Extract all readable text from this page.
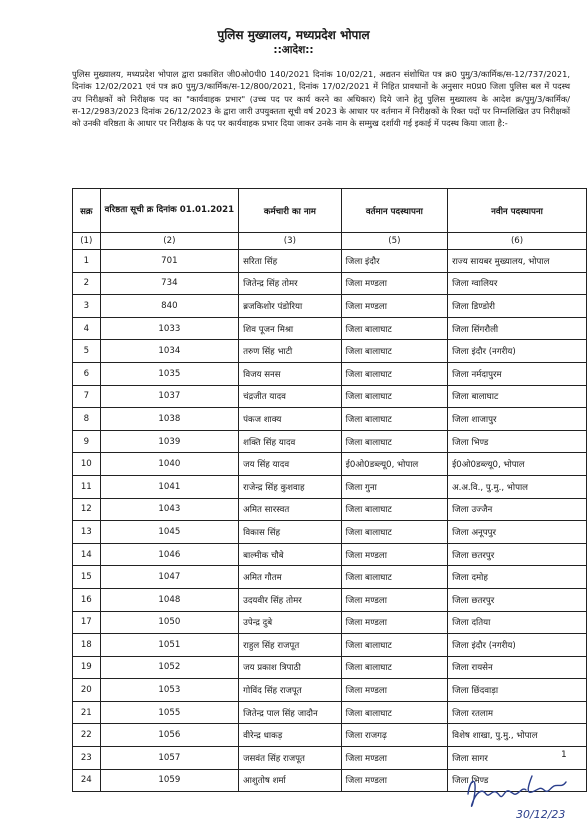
पुलिस मुख्यालय, मध्यप्रदेश भोपाल
::आदेश::
पुलिस मुख्यालय, मध्यप्रदेश भोपाल द्वारा प्रकाशित जी0ओ0पी0 140/2021 दिनांक 10/02/21, अद्यतन संशोधित पत्र क्र0 पुमु/3/कार्मिक/स-12/737/2021, दिनांक 12/02/2021 एवं पत्र क्र0 पुमु/3/कार्मिक/स-12/800/2021, दिनांक 17/02/2021 में निहित प्रावधानों के अनुसार म0प्र0 जिला पुलिस बल में पदस्थ उप निरीक्षकों को निरीक्षक पद का "कार्यवाहक प्रभार" (उच्च पद पर कार्य करने का अधिकार) दिये जाने हेतु पुलिस मुख्यालय के आदेश क्र/पुमु/3/कार्मिक/स-12/2983/2023 दिनांक 26/12/2023 के द्वारा जारी उपयुक्तता सूची वर्ष 2023 के आधार पर वर्तमान में निरीक्षकों के रिक्त पदों पर निम्नलिखित उप निरीक्षकों को उनकी वरिष्ठता के आधार पर निरीक्षक के पद पर कार्यवाहक प्रभार दिया जाकर उनके नाम के सम्मुख दर्शायी गई इकाई में पदस्थ किया जाता है:-
सक्र	वरिष्ठता सूची क्र दिनांक 01.01.2021	कर्मचारी का नाम	वर्तमान पदस्थापना	नवीन पदस्थापना
(1)	(2)	(3)	(5)	(6)
1	701	सरिता सिंह	जिला इंदौर	राज्य सायबर मुख्यालय, भोपाल
2	734	जितेन्द्र सिंह तोमर	जिला मण्डला	जिला ग्वालियर
3	840	ब्रजकिशोर पंडोरिया	जिला मण्डला	जिला डिण्डोरी
4	1033	शिव पूजन मिश्रा	जिला बालाघाट	जिला सिंगरौली
5	1034	तरुण सिंह भाटी	जिला बालाघाट	जिला इंदौर (नगरीय)
6	1035	विजय सनस	जिला बालाघाट	जिला नर्मदापुरम
7	1037	चंद्रजीत यादव	जिला बालाघाट	जिला बालाघाट
8	1038	पंकज शाक्य	जिला बालाघाट	जिला शाजापुर
9	1039	शक्ति सिंह यादव	जिला बालाघाट	जिला भिण्ड
10	1040	जय सिंह यादव	ई0ओ0डब्ल्यू0, भोपाल	ई0ओ0डब्ल्यू0, भोपाल
11	1041	राजेन्द्र सिंह कुशवाह	जिला गुना	अ.अ.वि., पु.मु., भोपाल
12	1043	अमित सारस्वत	जिला बालाघाट	जिला उज्जैन
13	1045	विकास सिंह	जिला बालाघाट	जिला अनूपपुर
14	1046	बाल्मीक चौबे	जिला मण्डला	जिला छतरपुर
15	1047	अमित गौतम	जिला बालाघाट	जिला दमोह
16	1048	उदयवीर सिंह तोमर	जिला मण्डला	जिला छतरपुर
17	1050	उपेन्द्र दुबे	जिला मण्डला	जिला दतिया
18	1051	राहुल सिंह राजपूत	जिला बालाघाट	जिला इंदौर (नगरीय)
19	1052	जय प्रकाश त्रिपाठी	जिला बालाघाट	जिला रायसेन
20	1053	गोविंद सिंह राजपूत	जिला मण्डला	जिला छिंदवाड़ा
21	1055	जितेन्द्र पाल सिंह जादौन	जिला बालाघाट	जिला रतलाम
22	1056	वीरेन्द्र धाकड़	जिला राजगढ़	विशेष शाखा, पु.मु., भोपाल
23	1057	जसवंत सिंह राजपूत	जिला मण्डला	जिला सागर
24	1059	आशुतोष शर्मा	जिला मण्डला	जिला भिण्ड
1
30/12/23
